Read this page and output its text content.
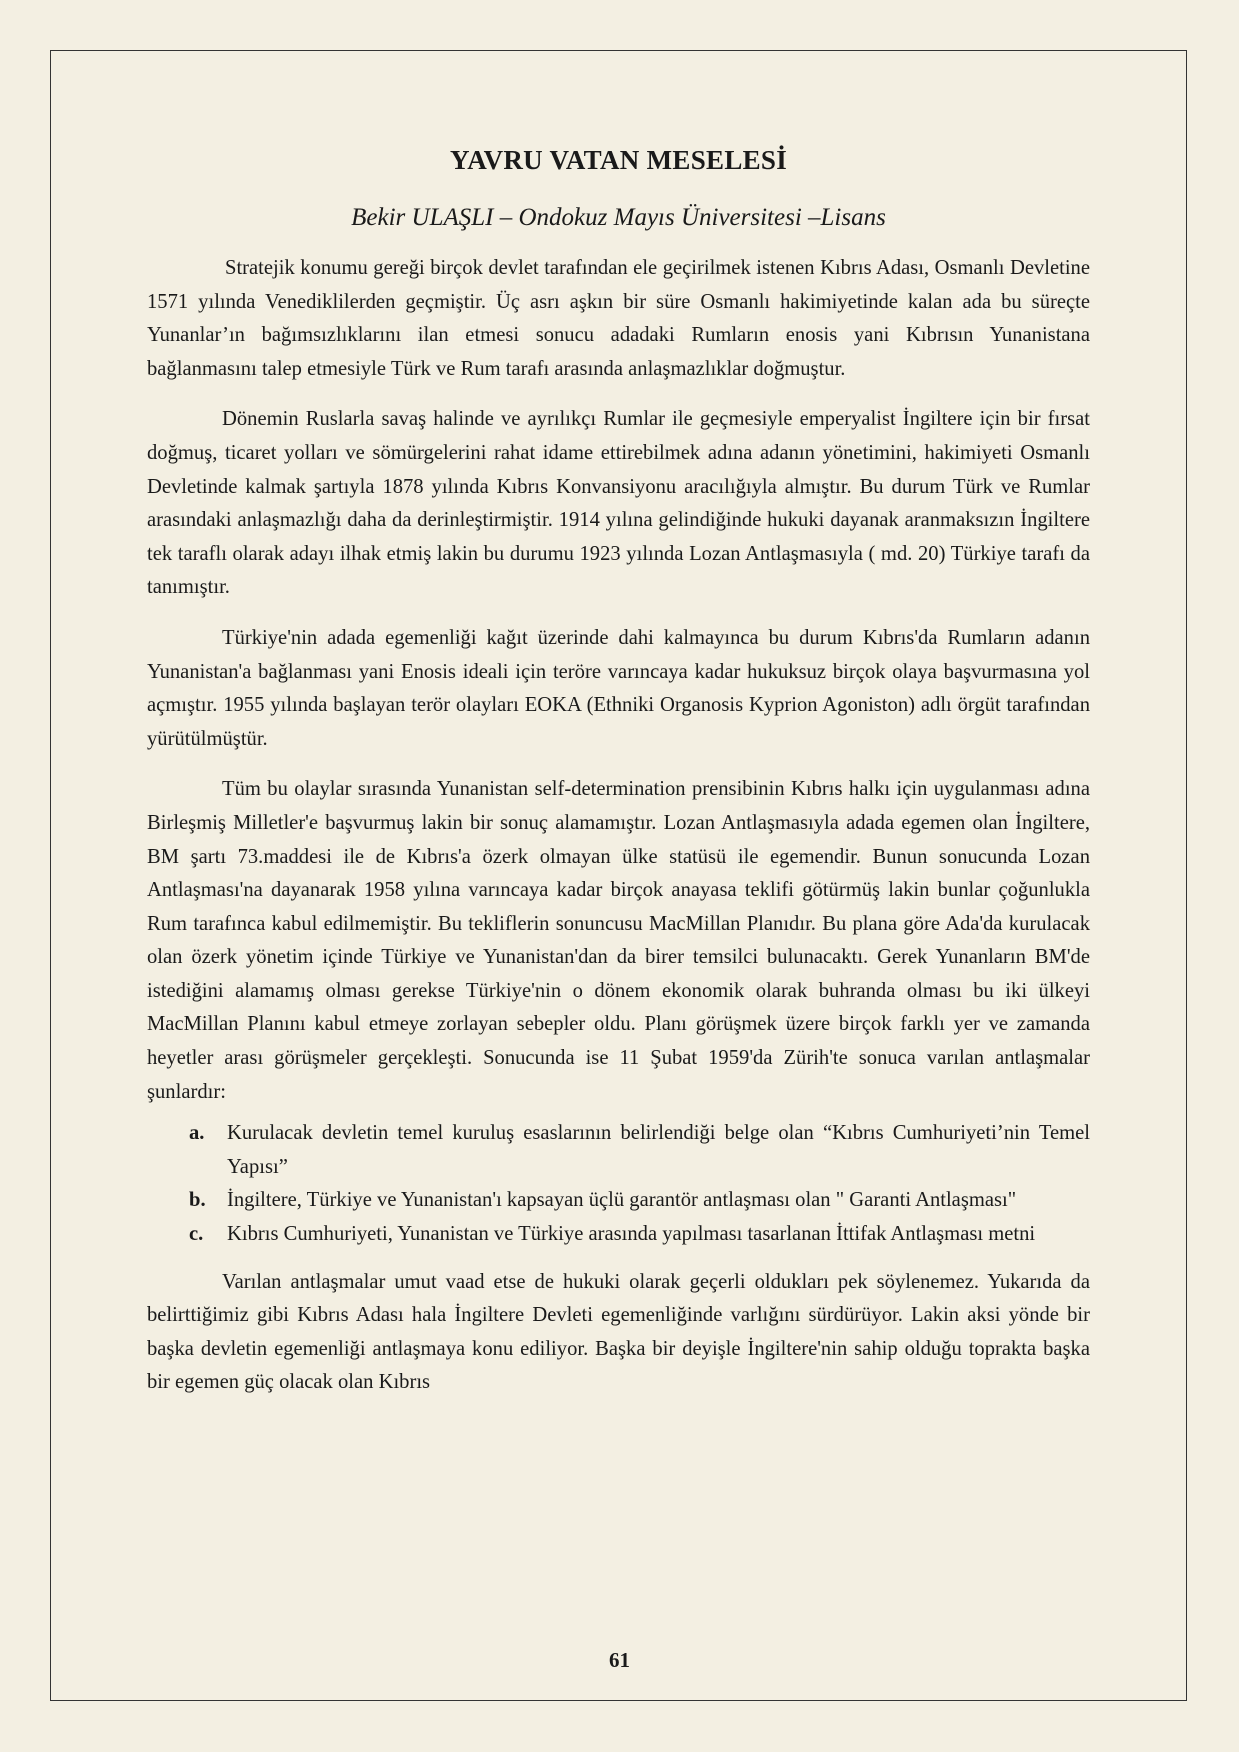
YAVRU VATAN MESELESİ

Bekir ULAŞLI – Ondokuz Mayıs Üniversitesi –Lisans

Stratejik konumu gereği birçok devlet tarafından ele geçirilmek istenen Kıbrıs Adası, Osmanlı Devletine 1571 yılında Venediklilerden geçmiştir. Üç asrı aşkın bir süre Osmanlı hakimiyetinde kalan ada bu süreçte Yunanlar’ın bağımsızlıklarını ilan etmesi sonucu adadaki Rumların enosis yani Kıbrısın Yunanistana bağlanmasını talep etmesiyle Türk ve Rum tarafı arasında anlaşmazlıklar doğmuştur.

Dönemin Ruslarla savaş halinde ve ayrılıkçı Rumlar ile geçmesiyle emperyalist İngiltere için bir fırsat doğmuş, ticaret yolları ve sömürgelerini rahat idame ettirebilmek adına adanın yönetimini, hakimiyeti Osmanlı Devletinde kalmak şartıyla 1878 yılında Kıbrıs Konvansiyonu aracılığıyla almıştır. Bu durum Türk ve Rumlar arasındaki anlaşmazlığı daha da derinleştirmiştir. 1914 yılına gelindiğinde hukuki dayanak aranmaksızın İngiltere tek taraflı olarak adayı ilhak etmiş lakin bu durumu 1923 yılında Lozan Antlaşmasıyla ( md. 20) Türkiye tarafı da tanımıştır.

Türkiye'nin adada egemenliği kağıt üzerinde dahi kalmayınca bu durum Kıbrıs'da Rumların adanın Yunanistan'a bağlanması yani Enosis ideali için teröre varıncaya kadar hukuksuz birçok olaya başvurmasına yol açmıştır. 1955 yılında başlayan terör olayları EOKA (Ethniki Organosis Kyprion Agoniston) adlı örgüt tarafından yürütülmüştür.

Tüm bu olaylar sırasında Yunanistan self-determination prensibinin Kıbrıs halkı için uygulanması adına Birleşmiş Milletler'e başvurmuş lakin bir sonuç alamamıştır. Lozan Antlaşmasıyla adada egemen olan İngiltere, BM şartı 73.maddesi ile de Kıbrıs'a özerk olmayan ülke statüsü ile egemendir. Bunun sonucunda Lozan Antlaşması'na dayanarak 1958 yılına varıncaya kadar birçok anayasa teklifi götürmüş lakin bunlar çoğunlukla Rum tarafınca kabul edilmemiştir. Bu tekliflerin sonuncusu MacMillan Planıdır. Bu plana göre Ada'da kurulacak olan özerk yönetim içinde Türkiye ve Yunanistan'dan da birer temsilci bulunacaktı. Gerek Yunanların BM'de istediğini alamamış olması gerekse Türkiye'nin o dönem ekonomik olarak buhranda olması bu iki ülkeyi MacMillan Planını kabul etmeye zorlayan sebepler oldu. Planı görüşmek üzere birçok farklı yer ve zamanda heyetler arası görüşmeler gerçekleşti. Sonucunda ise 11 Şubat 1959'da Zürih'te sonuca varılan antlaşmalar şunlardır:

a. Kurulacak devletin temel kuruluş esaslarının belirlendiği belge olan “Kıbrıs Cumhuriyeti’nin Temel Yapısı”
b. İngiltere, Türkiye ve Yunanistan'ı kapsayan üçlü garantör antlaşması olan " Garanti Antlaşması"
c. Kıbrıs Cumhuriyeti, Yunanistan ve Türkiye arasında yapılması tasarlanan İttifak Antlaşması metni

Varılan antlaşmalar umut vaad etse de hukuki olarak geçerli oldukları pek söylenemez. Yukarıda da belirttiğimiz gibi Kıbrıs Adası hala İngiltere Devleti egemenliğinde varlığını sürdürüyor. Lakin aksi yönde bir başka devletin egemenliği antlaşmaya konu ediliyor. Başka bir deyişle İngiltere'nin sahip olduğu toprakta başka bir egemen güç olacak olan Kıbrıs

61
